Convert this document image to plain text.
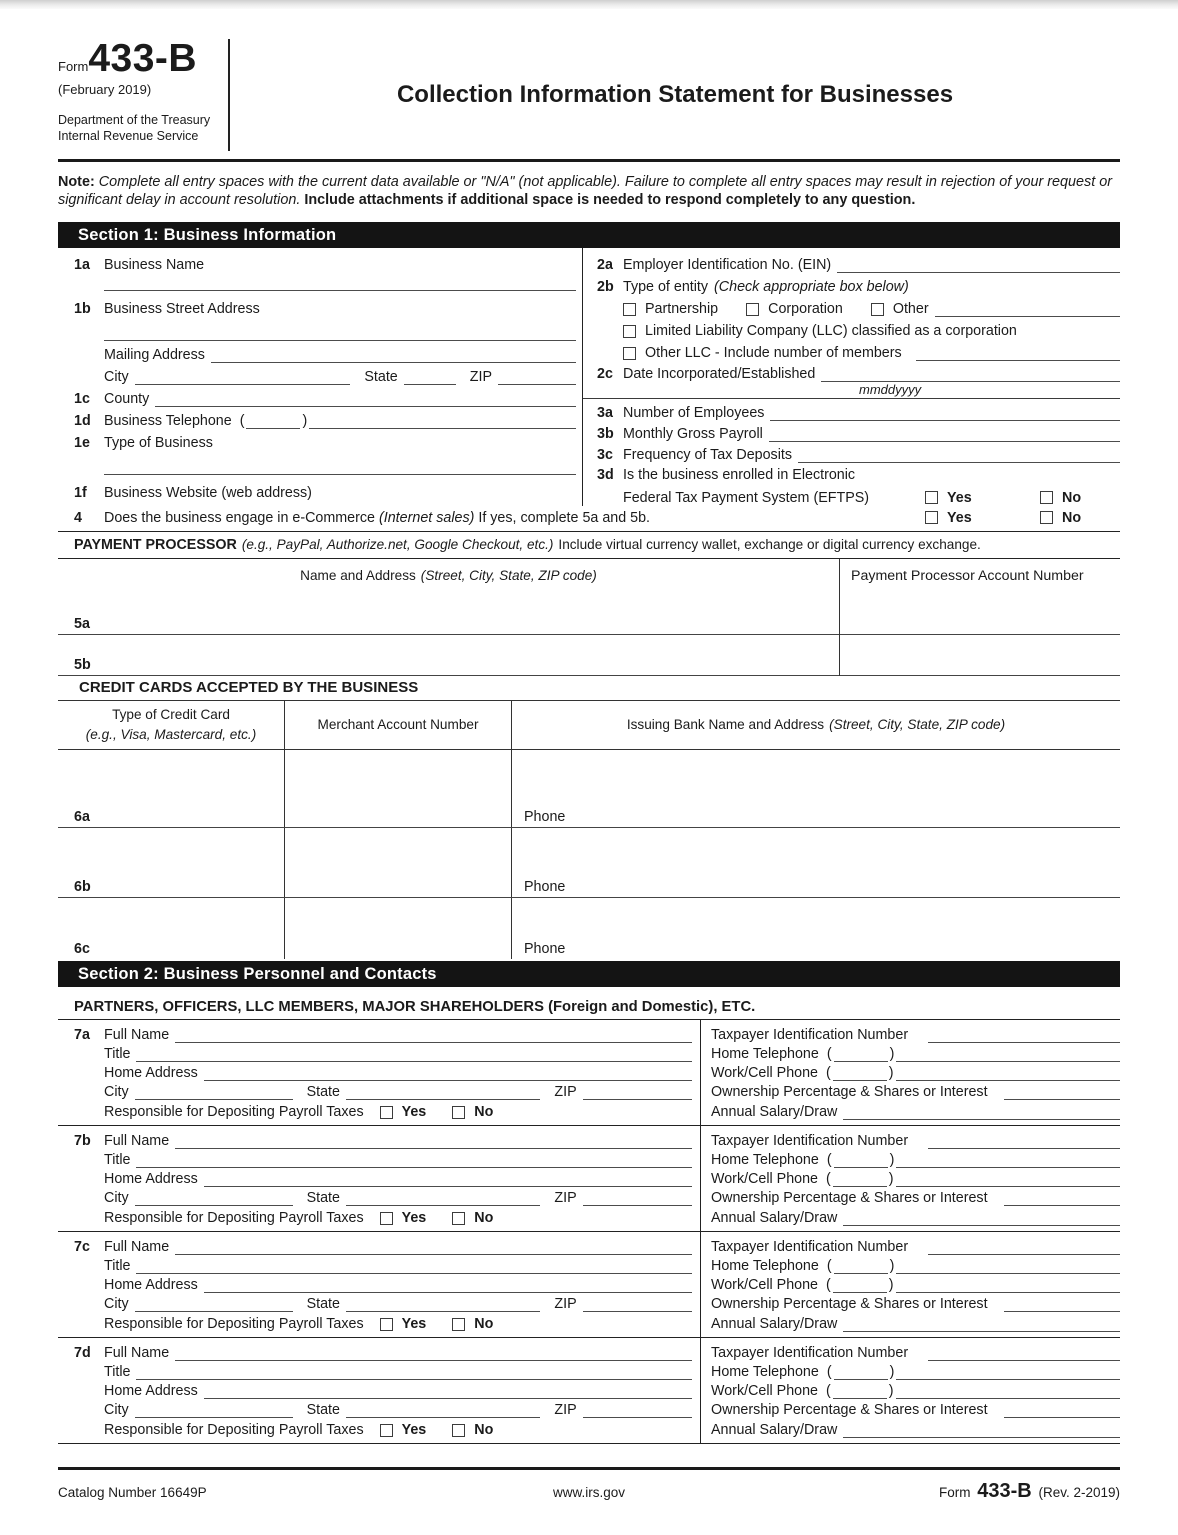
Form433-B
(February 2019)
Department of the Treasury
Internal Revenue Service
Collection Information Statement for Businesses
Note: Complete all entry spaces with the current data available or "N/A" (not applicable). Failure to complete all entry spaces may result in rejection of your request or significant delay in account resolution. Include attachments if additional space is needed to respond completely to any question.
Section 1: Business Information
1a Business Name
1b Business Street Address
Mailing Address
City	State	ZIP
1c County
1d Business Telephone (	)
1e Type of Business
1f	Business Website (web address)
2a Employer Identification No. (EIN)
2b Type of entity (Check appropriate box below)
Partnership	Corporation	Other
Limited Liability Company (LLC) classified as a corporation
Other LLC - Include number of members
2c Date Incorporated/Established
mmddyyyy
3a Number of Employees
3b Monthly Gross Payroll
3c Frequency of Tax Deposits
3d Is the business enrolled in Electronic
Federal Tax Payment System (EFTPS)	Yes	No
4	Does the business engage in e-Commerce (Internet sales) If yes, complete 5a and 5b.	Yes	No
PAYMENT PROCESSOR (e.g., PayPal, Authorize.net, Google Checkout, etc.) Include virtual currency wallet, exchange or digital currency exchange.
Name and Address (Street, City, State, ZIP code)	Payment Processor Account Number
5a
5b
CREDIT CARDS ACCEPTED BY THE BUSINESS
Type of Credit Card
(e.g., Visa, Mastercard, etc.)
Merchant Account Number	Issuing Bank Name and Address (Street, City, State, ZIP code)
6a	Phone
6b	Phone
6c	Phone
Section 2: Business Personnel and Contacts
PARTNERS, OFFICERS, LLC MEMBERS, MAJOR SHAREHOLDERS (Foreign and Domestic), ETC.
7a Full Name
Title
Home Address
City	State	ZIP
Responsible for Depositing Payroll Taxes	Yes	No
Taxpayer Identification Number
Home Telephone (	)
Work/Cell Phone (	)
Ownership Percentage & Shares or Interest
Annual Salary/Draw
7b Full Name
Title
Home Address
City	State	ZIP
Responsible for Depositing Payroll Taxes	Yes	No
Taxpayer Identification Number
Home Telephone (	)
Work/Cell Phone (	)
Ownership Percentage & Shares or Interest
Annual Salary/Draw
7c Full Name
Title
Home Address
City	State	ZIP
Responsible for Depositing Payroll Taxes	Yes	No
Taxpayer Identification Number
Home Telephone (	)
Work/Cell Phone (	)
Ownership Percentage & Shares or Interest
Annual Salary/Draw
7d Full Name
Title
Home Address
City	State	ZIP
Responsible for Depositing Payroll Taxes	Yes	No
Taxpayer Identification Number
Home Telephone (	)
Work/Cell Phone (	)
Ownership Percentage & Shares or Interest
Annual Salary/Draw
Catalog Number 16649P	www.irs.gov	Form 433-B (Rev. 2-2019)
